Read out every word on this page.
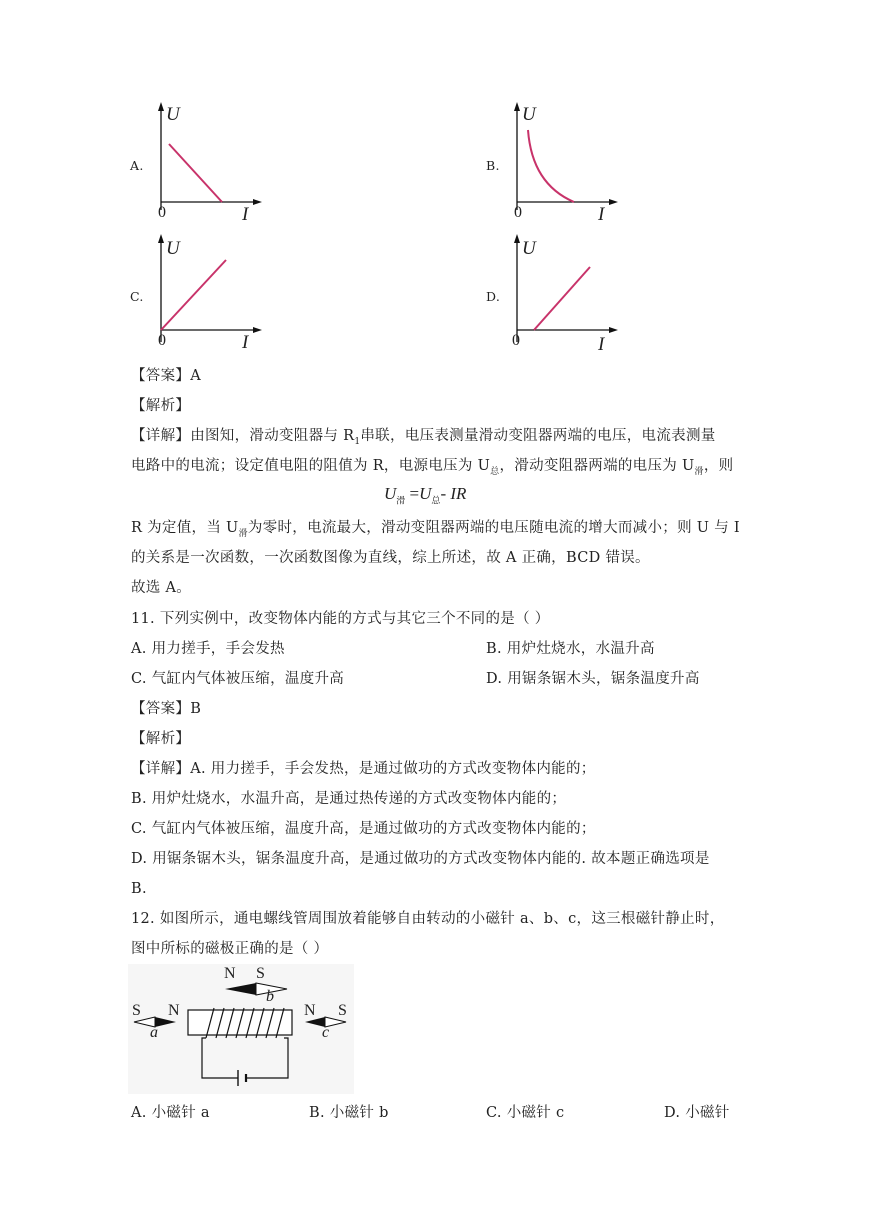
A.
U
I
0
B.
U
I
0
C.
U
I
0
D.
U
I
0
【答案】A
【解析】
【详解】由图知，滑动变阻器与 $R_1$串联，电压表测量滑动变阻器两端的电压，电流表测量
电路中的电流；设定值电阻的阻值为 R，电源电压为 $U_总$，滑动变阻器两端的电压为 $U_滑$，则
$U_滑 =U_总-$ IR
R 为定值，当 $U_滑$为零时，电流最大，滑动变阻器两端的电压随电流的增大而减小；则 U 与 I
的关系是一次函数，一次函数图像为直线，综上所述，故 A 正确，BCD 错误。
故选 A。
11. 下列实例中，改变物体内能的方式与其它三个不同的是（ ）
A. 用力搓手，手会发热	B. 用炉灶烧水，水温升高
C. 气缸内气体被压缩，温度升高	D. 用锯条锯木头，锯条温度升高
【答案】B
【解析】
【详解】A. 用力搓手，手会发热，是通过做功的方式改变物体内能的；
B. 用炉灶烧水，水温升高，是通过热传递的方式改变物体内能的；
C. 气缸内气体被压缩，温度升高，是通过做功的方式改变物体内能的；
D. 用锯条锯木头，锯条温度升高，是通过做功的方式改变物体内能的. 故本题正确选项是
B.
12. 如图所示，通电螺线管周围放着能够自由转动的小磁针 a、b、c，这三根磁针静止时，
图中所标的磁极正确的是（ ）
N S
b
S N
a
N S
c
A. 小磁针 a	B. 小磁针 b	C. 小磁针 c	D. 小磁针
